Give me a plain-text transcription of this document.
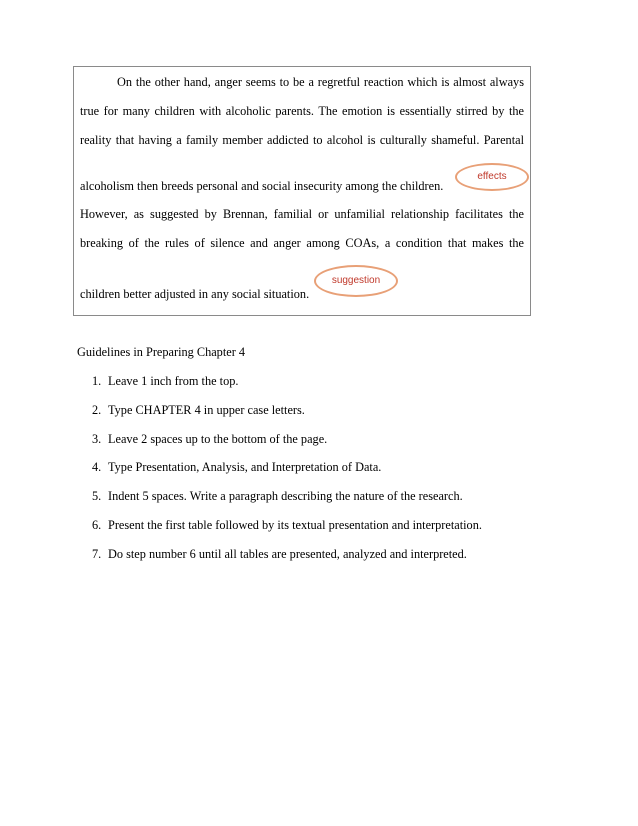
On the other hand, anger seems to be a regretful reaction which is almost always
true for many children with alcoholic parents. The emotion is essentially stirred by the
reality that having a family member addicted to alcohol is culturally shameful. Parental
alcoholism then breeds personal and social insecurity among the children.
However, as suggested by Brennan, familial or unfamilial relationship facilitates the
breaking of the rules of silence and anger among COAs, a condition that makes the
children better adjusted in any social situation.
effects
suggestion
Guidelines in Preparing Chapter 4
1. Leave 1 inch from the top.
2. Type CHAPTER 4 in upper case letters.
3. Leave 2 spaces up to the bottom of the page.
4. Type Presentation, Analysis, and Interpretation of Data.
5. Indent 5 spaces. Write a paragraph describing the nature of the research.
6. Present the first table followed by its textual presentation and interpretation.
7. Do step number 6 until all tables are presented, analyzed and interpreted.
